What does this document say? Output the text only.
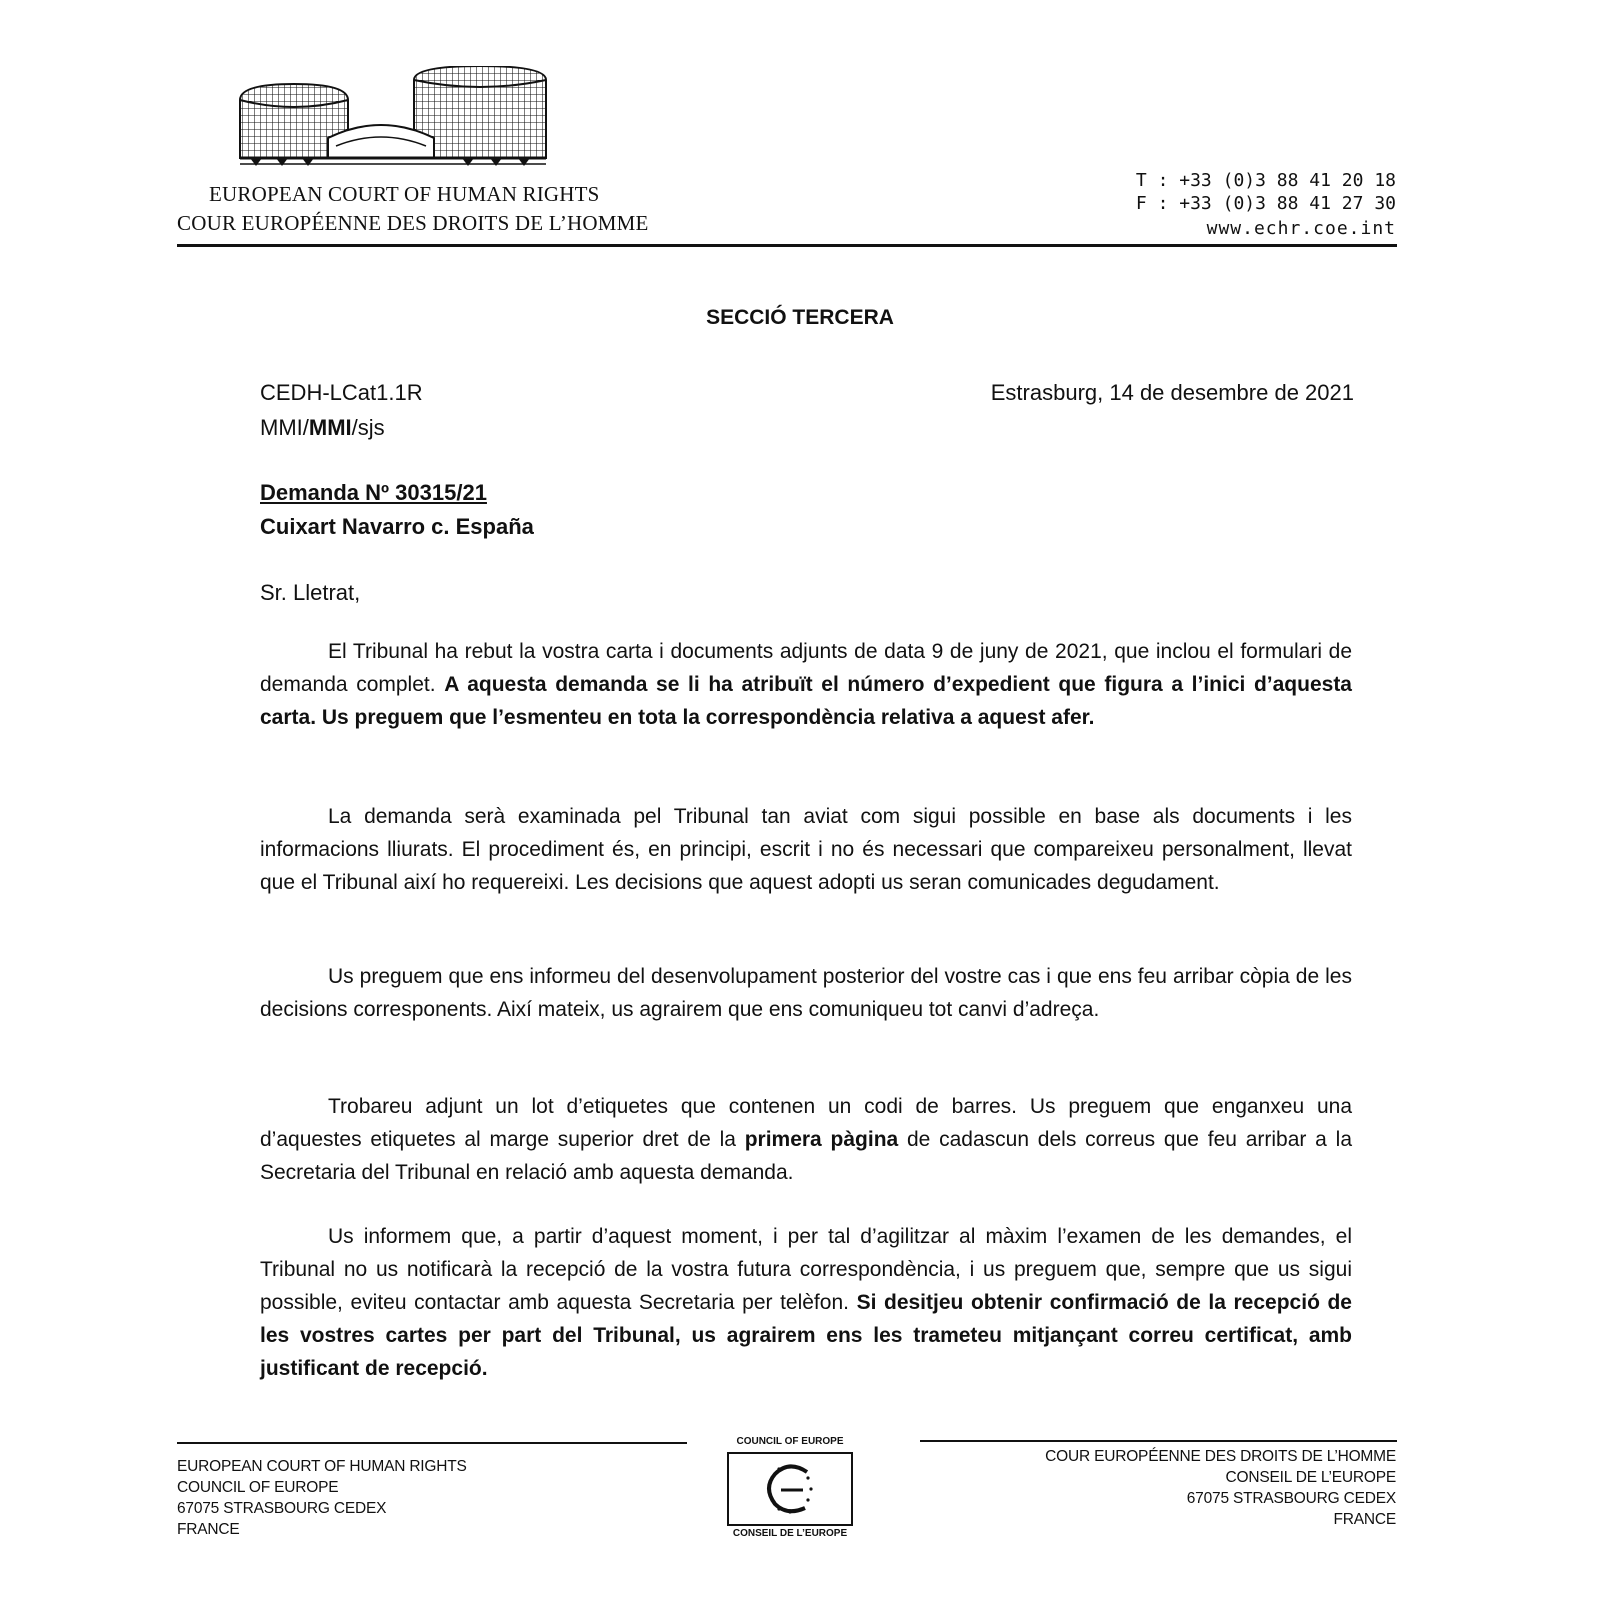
EUROPEAN COURT OF HUMAN RIGHTS
COUR EUROPÉENNE DES DROITS DE L’HOMME
T : +33 (0)3 88 41 20 18
F : +33 (0)3 88 41 27 30
www.echr.coe.int
SECCIÓ TERCERA
CEDH-LCat1.1R
MMI/MMI/sjs
Estrasburg, 14 de desembre de 2021
Demanda Nº 30315/21
Cuixart Navarro c. España
Sr. Lletrat,

El Tribunal ha rebut la vostra carta i documents adjunts de data 9 de juny de 2021, que inclou el formulari de demanda complet. A aquesta demanda se li ha atribuït el número d’expedient que figura a l’inici d’aquesta carta. Us preguem que l’esmenteu en tota la correspondència relativa a aquest afer.

La demanda serà examinada pel Tribunal tan aviat com sigui possible en base als documents i les informacions lliurats. El procediment és, en principi, escrit i no és necessari que compareixeu personalment, llevat que el Tribunal així ho requereixi. Les decisions que aquest adopti us seran comunicades degudament.

Us preguem que ens informeu del desenvolupament posterior del vostre cas i que ens feu arribar còpia de les decisions corresponents. Així mateix, us agrairem que ens comuniqueu tot canvi d’adreça.

Trobareu adjunt un lot d’etiquetes que contenen un codi de barres. Us preguem que enganxeu una d’aquestes etiquetes al marge superior dret de la primera pàgina de cadascun dels correus que feu arribar a la Secretaria del Tribunal en relació amb aquesta demanda.

Us informem que, a partir d’aquest moment, i per tal d’agilitzar al màxim l’examen de les demandes, el Tribunal no us notificarà la recepció de la vostra futura correspondència, i us preguem que, sempre que us sigui possible, eviteu contactar amb aquesta Secretaria per telèfon. Si desitjeu obtenir confirmació de la recepció de les vostres cartes per part del Tribunal, us agrairem ens les trameteu mitjançant correu certificat, amb justificant de recepció.

EUROPEAN COURT OF HUMAN RIGHTS
COUNCIL OF EUROPE
67075 STRASBOURG CEDEX
FRANCE
COUR EUROPÉENNE DES DROITS DE L’HOMME
CONSEIL DE L’EUROPE
67075 STRASBOURG CEDEX
FRANCE
COUNCIL OF EUROPE
CONSEIL DE L’EUROPE
